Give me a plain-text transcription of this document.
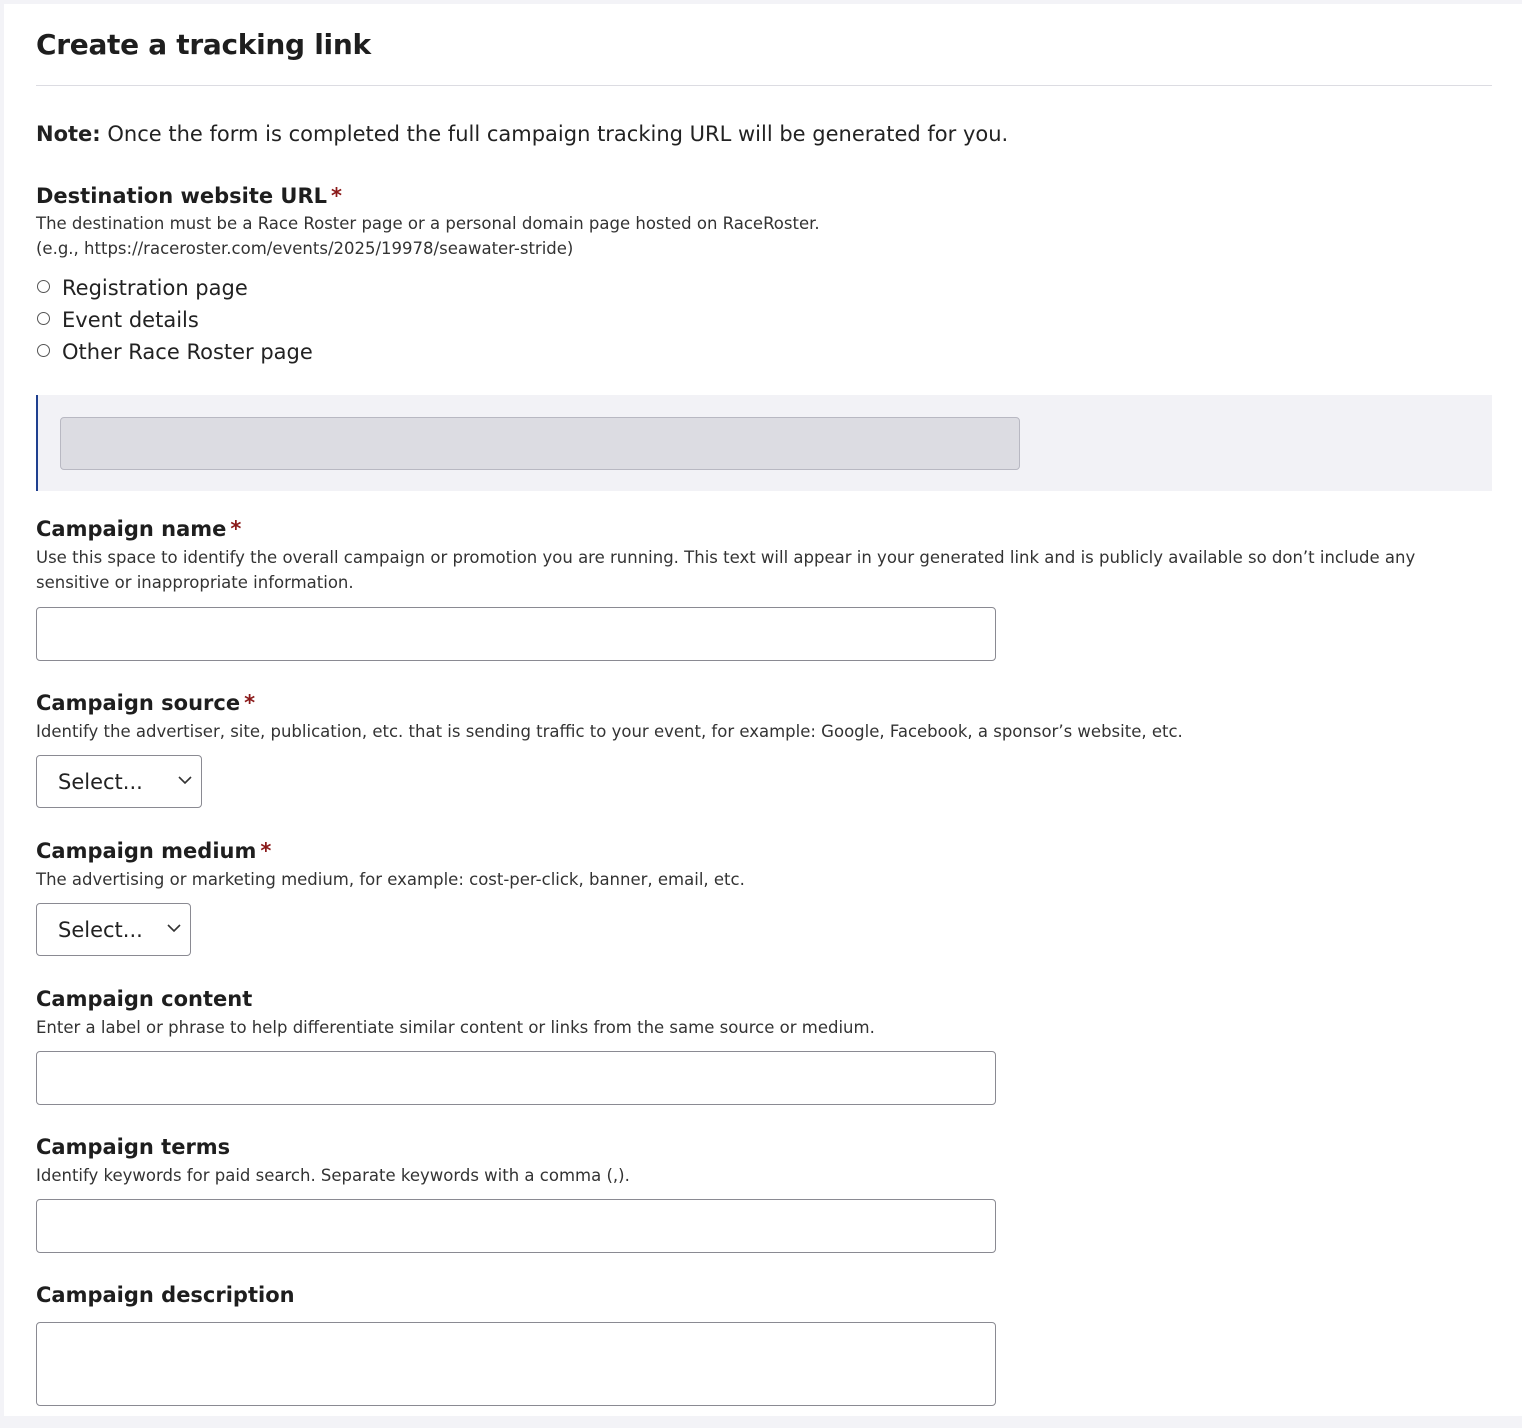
Create a tracking link
Note: Once the form is completed the full campaign tracking URL will be generated for you.
Destination website URL *
The destination must be a Race Roster page or a personal domain page hosted on RaceRoster.
(e.g., https://raceroster.com/events/2025/19978/seawater-stride)
Registration page
Event details
Other Race Roster page
Campaign name *
Use this space to identify the overall campaign or promotion you are running. This text will appear in your generated link and is publicly available so don’t include any sensitive or inappropriate information.
Campaign source *
Identify the advertiser, site, publication, etc. that is sending traffic to your event, for example: Google, Facebook, a sponsor’s website, etc.
Select...
Campaign medium *
The advertising or marketing medium, for example: cost-per-click, banner, email, etc.
Select...
Campaign content
Enter a label or phrase to help differentiate similar content or links from the same source or medium.
Campaign terms
Identify keywords for paid search. Separate keywords with a comma (,).
Campaign description
